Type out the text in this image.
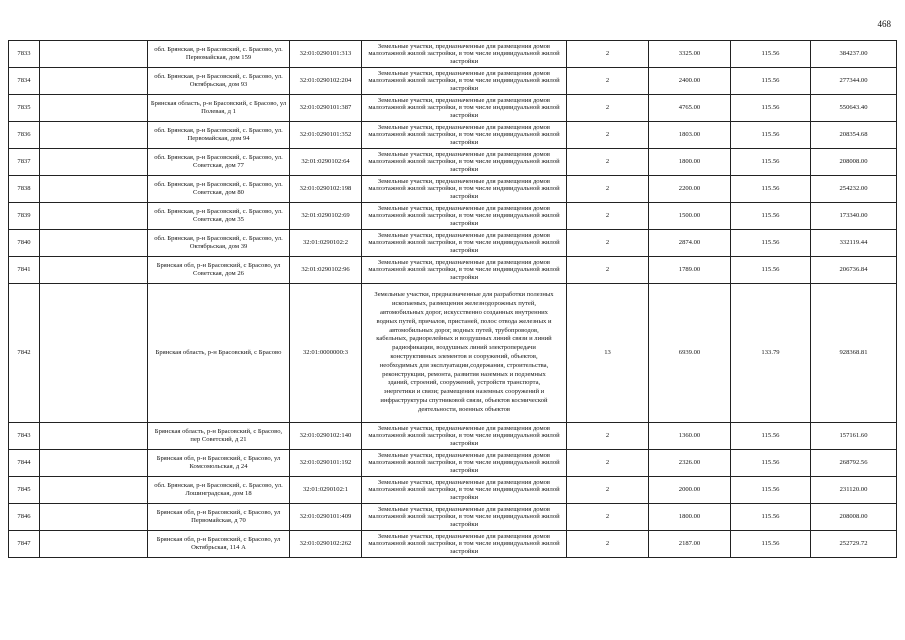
468
7833		обл. Брянская, р-н Брасовский, с. Брасово, ул. Первомайская, дом 159	32:01:0290101:313	Земельные участки, предназначенные для размещения домов малоэтажной жилой застройки, в том числе индивидуальной жилой застройки	2	3325.00	115.56	384237.00
7834		обл. Брянская, р-н Брасовский, с. Брасово, ул. Октябрьская, дом 93	32:01:0290102:204	Земельные участки, предназначенные для размещения домов малоэтажной жилой застройки, в том числе индивидуальной жилой застройки	2	2400.00	115.56	277344.00
7835		Брянская область, р-н Брасовский, с Брасово, ул Полевая, д 1	32:01:0290101:387	Земельные участки, предназначенные для размещения домов малоэтажной жилой застройки, в том числе индивидуальной жилой застройки	2	4765.00	115.56	550643.40
7836		обл. Брянская, р-н Брасовский, с. Брасово, ул. Первомайская, дом 94	32:01:0290101:352	Земельные участки, предназначенные для размещения домов малоэтажной жилой застройки, в том числе индивидуальной жилой застройки	2	1803.00	115.56	208354.68
7837		обл. Брянская, р-н Брасовский, с. Брасово, ул. Советская, дом 77	32:01:0290102:64	Земельные участки, предназначенные для размещения домов малоэтажной жилой застройки, в том числе индивидуальной жилой застройки	2	1800.00	115.56	208008.00
7838		обл. Брянская, р-н Брасовский, с. Брасово, ул. Советская, дом 80	32:01:0290102:198	Земельные участки, предназначенные для размещения домов малоэтажной жилой застройки, в том числе индивидуальной жилой застройки	2	2200.00	115.56	254232.00
7839		обл. Брянская, р-н Брасовский, с. Брасово, ул. Советская, дом 35	32:01:0290102:69	Земельные участки, предназначенные для размещения домов малоэтажной жилой застройки, в том числе индивидуальной жилой застройки	2	1500.00	115.56	173340.00
7840		обл. Брянская, р-н Брасовский, с. Брасово, ул. Октябрьская, дом 39	32:01:0290102:2	Земельные участки, предназначенные для размещения домов малоэтажной жилой застройки, в том числе индивидуальной жилой застройки	2	2874.00	115.56	332119.44
7841		Брянская обл, р-н Брасовский, с Брасово, ул Советская, дом 26	32:01:0290102:96	Земельные участки, предназначенные для размещения домов малоэтажной жилой застройки, в том числе индивидуальной жилой застройки	2	1789.00	115.56	206736.84
7842		Брянская область, р-н Брасовский, с Брасово	32:01:0000000:3	Земельные участки, предназначенные для разработки полезных ископаемых, размещения железнодорожных путей, автомобильных дорог, искусственно созданных внутренних водных путей, причалов, пристаней, полос отвода железных и автомобильных дорог, водных путей, трубопроводов, кабельных, радиорелейных и воздушных линий связи и линий радиофикации, воздушных линий электропередачи конструктивных элементов и сооружений, объектов, необходимых для эксплуатации,содержания, строительства, реконструкции, ремонта, развития наземных и подземных зданий, строений, сооружений, устройств транспорта, энергетики и связи; размещения наземных сооружений и инфраструктуры спутниковой связи, объектов космической деятельности, военных объектов	13	6939.00	133.79	928368.81
7843		Брянская область, р-н Брасовский, с Брасово, пер Советский, д 21	32:01:0290102:140	Земельные участки, предназначенные для размещения домов малоэтажной жилой застройки, в том числе индивидуальной жилой застройки	2	1360.00	115.56	157161.60
7844		Брянская обл, р-н Брасовский, с Брасово, ул Комсомольская, д 24	32:01:0290101:192	Земельные участки, предназначенные для размещения домов малоэтажной жилой застройки, в том числе индивидуальной жилой застройки	2	2326.00	115.56	268792.56
7845		обл. Брянская, р-н Брасовский, с. Брасово, ул. Лошинградская, дом 18	32:01:0290102:1	Земельные участки, предназначенные для размещения домов малоэтажной жилой застройки, в том числе индивидуальной жилой застройки	2	2000.00	115.56	231120.00
7846		Брянская обл, р-н Брасовский, с Брасово, ул Первомайская, д 70	32:01:0290101:409	Земельные участки, предназначенные для размещения домов малоэтажной жилой застройки, в том числе индивидуальной жилой застройки	2	1800.00	115.56	208008.00
7847		Брянская обл, р-н Брасовский, с Брасово, ул Октябрьская, 114 А	32:01:0290102:262	Земельные участки, предназначенные для размещения домов малоэтажной жилой застройки, в том числе индивидуальной жилой застройки	2	2187.00	115.56	252729.72
